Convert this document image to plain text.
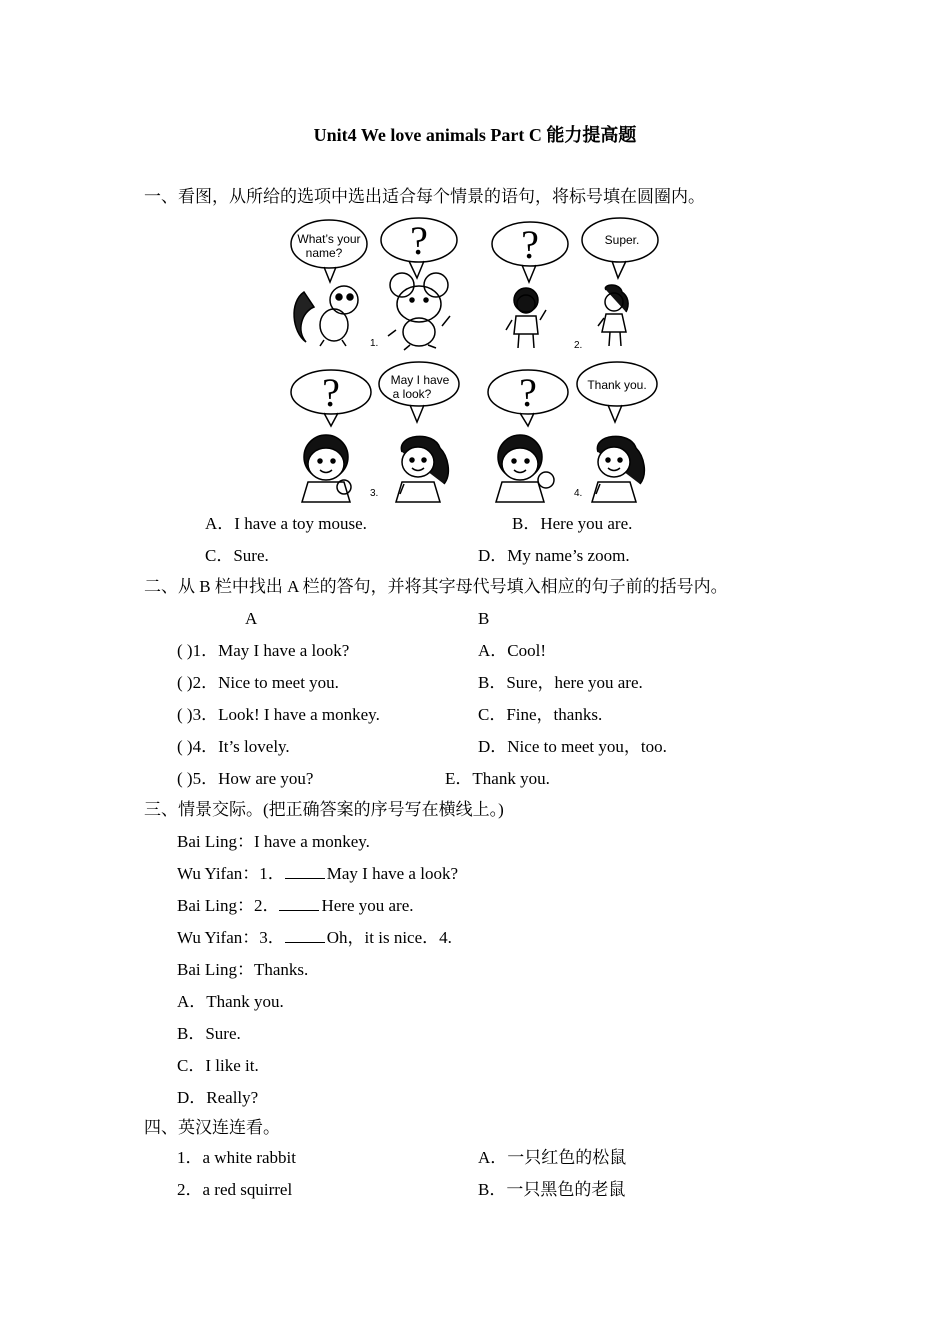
Unit4 We love animals Part C 能力提高题
一、看图，从所给的选项中选出适合每个情景的语句，将标号填在圆圈内。
What’s your
name? ? ?	Super.
?	May I have
a look? ?	Thank you.
1.	2.
3.	4.
A．I have a toy mouse.	B．Here you are.
C．Sure.	D．My name’s zoom.
二、从 B 栏中找出 A 栏的答句，并将其字母代号填入相应的句子前的括号内。
A	B
( )1．May I have a look?	A．Cool!
( )2．Nice to meet you.	B．Sure，here you are.
( )3．Look! I have a monkey.	C．Fine，thanks.
( )4．It’s lovely.	D．Nice to meet you，too.
( )5．How are you?	E．Thank you.
三、情景交际。(把正确答案的序号写在横线上。)
Bai Ling：I have a monkey.
Wu Yifan：1． May I have a look?
Bai Ling：2． Here you are.
Wu Yifan：3． Oh，it is nice．4.
Bai Ling：Thanks.
A．Thank you.
B．Sure.
C．I like it.
D．Really?
四、英汉连连看。
1．a white rabbit	A．一只红色的松鼠
2．a red squirrel	B．一只黑色的老鼠
